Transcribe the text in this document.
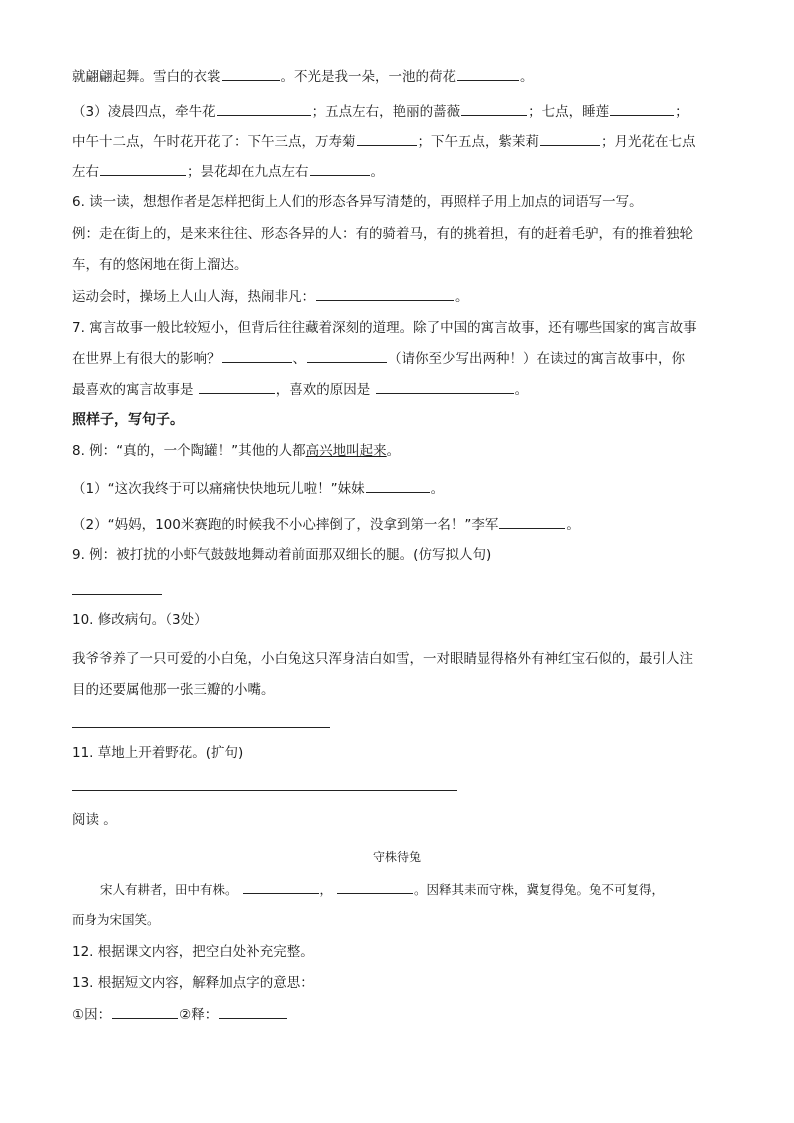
就翩翩起舞。雪白的衣裳	。不光是我一朵，一池的荷花	。
（3）凌晨四点，牵牛花	；五点左右，艳丽的蔷薇	；七点，睡莲	；
中午十二点，午时花开花了：下午三点，万寿菊	；下午五点，紫茉莉	；月光花在七点
左右	；昙花却在九点左右	。
6. 读一读，想想作者是怎样把街上人们的形态各异写清楚的，再照样子用上加点的词语写一写。
例：走在街上的，是来来往往、形态各异的人：有的骑着马，有的挑着担，有的赶着毛驴，有的推着独轮
车，有的悠闲地在街上溜达。
运动会时，操场上人山人海，热闹非凡：	。
7. 寓言故事一般比较短小，但背后往往藏着深刻的道理。除了中国的寓言故事，还有哪些国家的寓言故事
在世界上有很大的影响？	、	（请你至少写出两种！）在读过的寓言故事中，你
最喜欢的寓言故事是	，喜欢的原因是	。
照样子，写句子。
8. 例：“真的，一个陶罐！”其他的人都高兴地叫起来。
（1）“这次我终于可以痛痛快快地玩儿啦！”妹妹	。
（2）“妈妈，100米赛跑的时候我不小心摔倒了，没拿到第一名！”李军	。
9. 例：被打扰的小虾气鼓鼓地舞动着前面那双细长的腿。(仿写拟人句)
10. 修改病句。（3处）
我爷爷养了一只可爱的小白兔，小白兔这只浑身洁白如雪，一对眼睛显得格外有神红宝石似的，最引人注
目的还要属他那一张三瓣的小嘴。
11. 草地上开着野花。(扩句)
阅读 。
守株待兔
宋人有耕者，田中有株。	，	。因释其耒而守株，冀复得兔。兔不可复得，
而身为宋国笑。
12. 根据课文内容，把空白处补充完整。
13. 根据短文内容，解释加点字的意思：
①因：	②释：
